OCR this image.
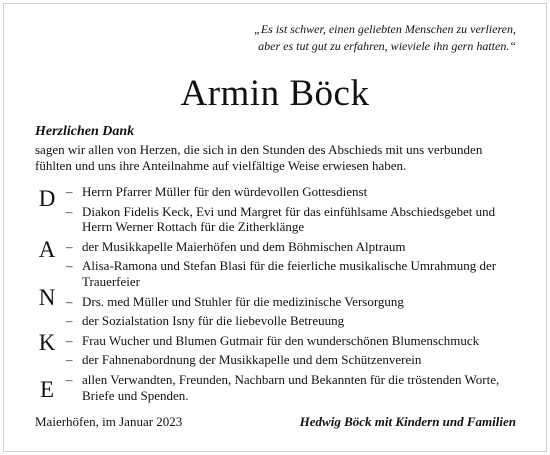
„Es ist schwer, einen geliebten Menschen zu verlieren,
aber es tut gut zu erfahren, wieviele ihn gern hatten.“
Armin Böck
Herzlichen Dank
sagen wir allen von Herzen, die sich in den Stunden des Abschieds mit uns verbunden
fühlten und uns ihre Anteilnahme auf vielfältige Weise erwiesen haben.
D
A
N
K
E
– Herrn Pfarrer Müller für den würdevollen Gottesdienst
– Diakon Fidelis Keck, Evi und Margret für das einfühlsame Abschiedsgebet und Herrn Werner Rottach für die Zitherklänge
– der Musikkapelle Maierhöfen und dem Böhmischen Alptraum
– Alisa-Ramona und Stefan Blasi für die feierliche musikalische Umrahmung der Trauerfeier
– Drs. med Müller und Stuhler für die medizinische Versorgung
– der Sozialstation Isny für die liebevolle Betreuung
– Frau Wucher und Blumen Gutmair für den wunderschönen Blumenschmuck
– der Fahnenabordnung der Musikkapelle und dem Schützenverein
– allen Verwandten, Freunden, Nachbarn und Bekannten für die tröstenden Worte, Briefe und Spenden.
Maierhöfen, im Januar 2023	Hedwig Böck mit Kindern und Familien
